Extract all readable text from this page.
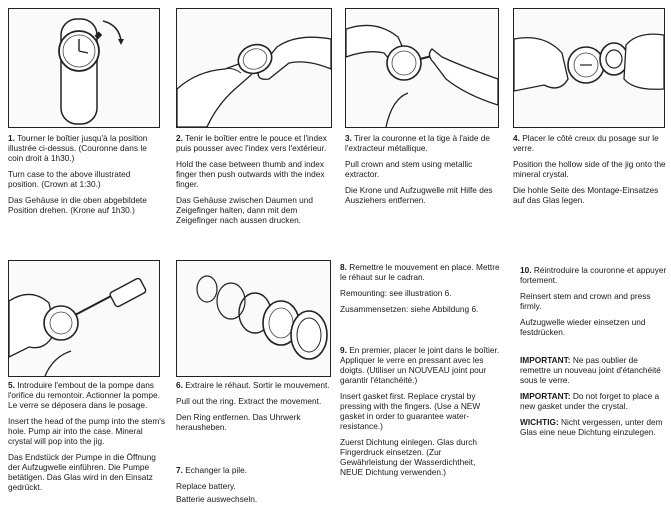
1. Tourner le boîtier jusqu'à la position illustrée ci-dessus. (Couronne dans le coin droit à 1h30.)

Turn case to the above illustrated position. (Crown at 1:30.)

Das Gehäuse in die oben abgebildete Position drehen. (Krone auf 1h30.)

2. Tenir le boîtier entre le pouce et l'index puis pousser avec l'index vers l'extérieur.

Hold the case between thumb and index finger then push outwards with the index finger.

Das Gehäuse zwischen Daumen und Zeigefinger halten, dann mit dem Zeigefinger nach aussen drucken.

3. Tirer la couronne et la tige à l'aide de l'extracteur métallique.

Pull crown and stem using metallic extractor.

Die Krone und Aufzugwelle mit Hilfe des Ausziehers entfernen.

4. Placer le côté creux du posage sur le verre.

Position the hollow side of the jig onto the mineral crystal.

Die hohle Seite des Montage-Einsatzes auf das Glas legen.

5. Introduire l'embout de la pompe dans l'orifice du remontoir. Actionner la pompe. Le verre se déposera dans le posage.

Insert the head of the pump into the stem's hole. Pump air into the case. Mineral crystal will pop into the jig.

Das Endstück der Pumpe in die Öffnung der Aufzugwelle einführen. Die Pumpe betätigen. Das Glas wird in den Einsatz gedrückt.

6. Extraire le réhaut. Sortir le mouvement.

Pull out the ring. Extract the movement.

Den Ring entfernen. Das Uhrwerk herausheben.

7. Echanger la pile.

Replace battery.

Batterie auswechseln.

8. Remettre le mouvement en place. Mettre le réhaut sur le cadran.

Remounting: see illustration 6.

Zusammensetzen: siehe Abbildung 6.

9. En premier, placer le joint dans le boîtier. Appliquer le verre en pressant avec les doigts. (Utiliser un NOUVEAU joint pour garantir l'étanchéité.)

Insert gasket first. Replace crystal by pressing with the fingers. (Use a NEW gasket in order to guarantee water-resistance.)

Zuerst Dichtung einlegen. Glas durch Fingerdruck einsetzen. (Zur Gewährleistung der Wasserdichtheit, NEUE Dichtung verwenden.)

10. Réintroduire la couronne et appuyer fortement.

Reinsert stem and crown and press firmly.

Aufzugwelle wieder einsetzen und festdrücken.

IMPORTANT: Ne pas oublier de remettre un nouveau joint d'étanchéité sous le verre.

IMPORTANT: Do not forget to place a new gasket under the crystal.

WICHTIG: Nicht vergessen, unter dem Glas eine neue Dichtung einzulegen.
